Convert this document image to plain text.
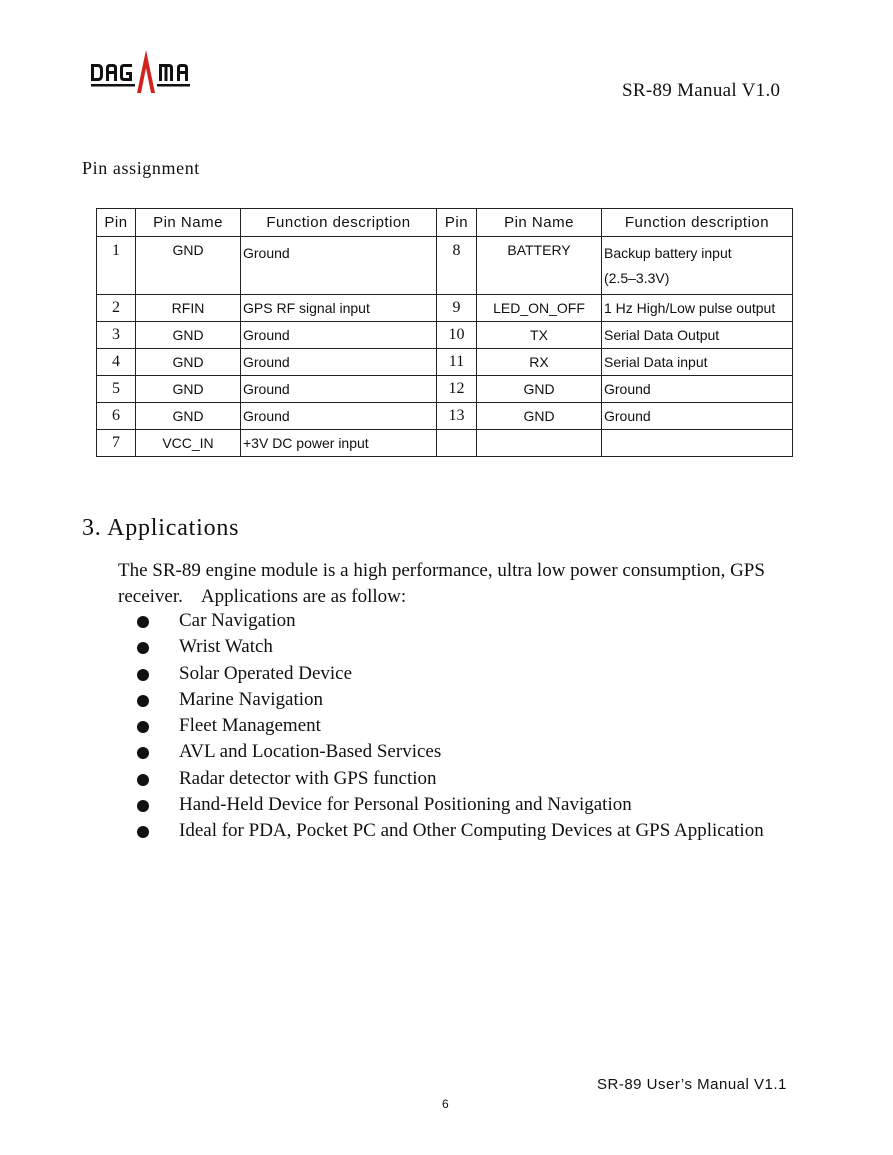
DAGAMA
SR-89 Manual V1.0
Pin assignment
Pin	Pin Name	Function description	Pin	Pin Name	Function description
1	GND	Ground	8	BATTERY	Backup battery input
(2.5–3.3V)
2	RFIN	GPS RF signal input	9	LED_ON_OFF	1 Hz High/Low pulse output
3	GND	Ground	10	TX	Serial Data Output
4	GND	Ground	11	RX	Serial Data input
5	GND	Ground	12	GND	Ground
6	GND	Ground	13	GND	Ground
7	VCC_IN	+3V DC power input			
3. Applications
The SR-89 engine module is a high performance, ultra low power consumption, GPS receiver. Applications are as follow:
Car Navigation
Wrist Watch
Solar Operated Device
Marine Navigation
Fleet Management
AVL and Location-Based Services
Radar detector with GPS function
Hand-Held Device for Personal Positioning and Navigation
Ideal for PDA, Pocket PC and Other Computing Devices at GPS Application
SR-89 User’s Manual V1.1
6
